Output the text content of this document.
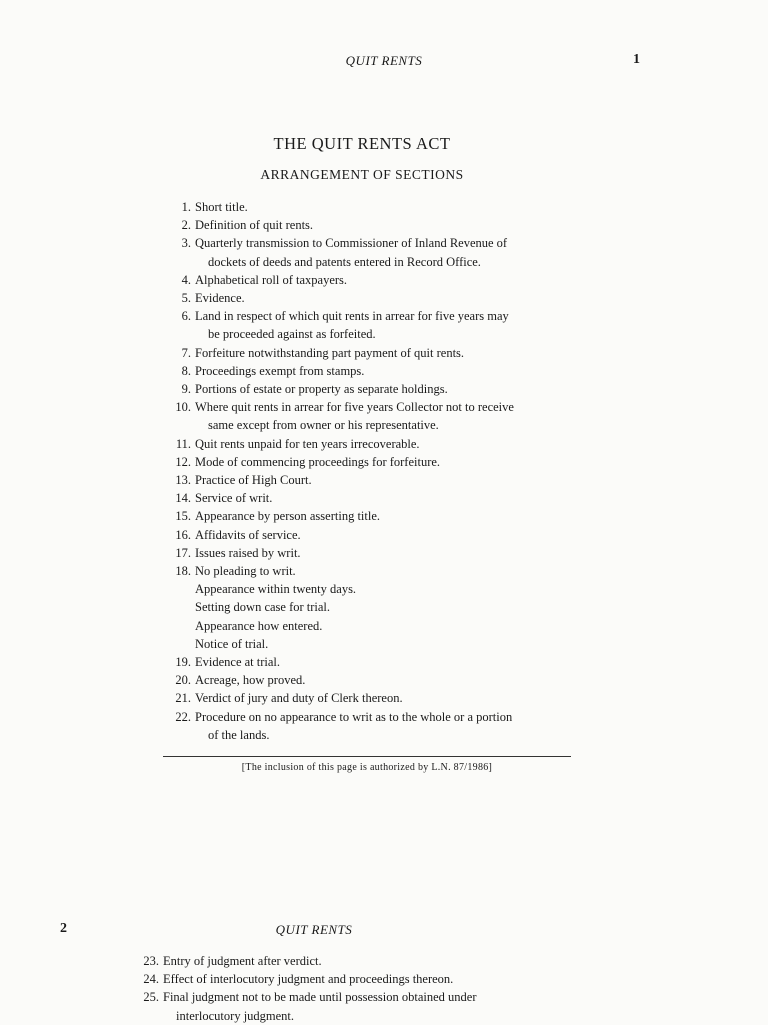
QUIT RENTS	1
THE QUIT RENTS ACT
ARRANGEMENT OF SECTIONS
1. Short title.
2. Definition of quit rents.
3. Quarterly transmission to Commissioner of Inland Revenue of
dockets of deeds and patents entered in Record Office.
4. Alphabetical roll of taxpayers.
5. Evidence.
6. Land in respect of which quit rents in arrear for five years may
be proceeded against as forfeited.
7. Forfeiture notwithstanding part payment of quit rents.
8. Proceedings exempt from stamps.
9. Portions of estate or property as separate holdings.
10. Where quit rents in arrear for five years Collector not to receive
same except from owner or his representative.
11. Quit rents unpaid for ten years irrecoverable.
12. Mode of commencing proceedings for forfeiture.
13. Practice of High Court.
14. Service of writ.
15. Appearance by person asserting title.
16. Affidavits of service.
17. Issues raised by writ.
18. No pleading to writ.
Appearance within twenty days.
Setting down case for trial.
Appearance how entered.
Notice of trial.
19. Evidence at trial.
20. Acreage, how proved.
21. Verdict of jury and duty of Clerk thereon.
22. Procedure on no appearance to writ as to the whole or a portion
of the lands.
[The inclusion of this page is authorized by L.N. 87/1986]
2	QUIT RENTS
23. Entry of judgment after verdict.
24. Effect of interlocutory judgment and proceedings thereon.
25. Final judgment not to be made until possession obtained under
interlocutory judgment.
